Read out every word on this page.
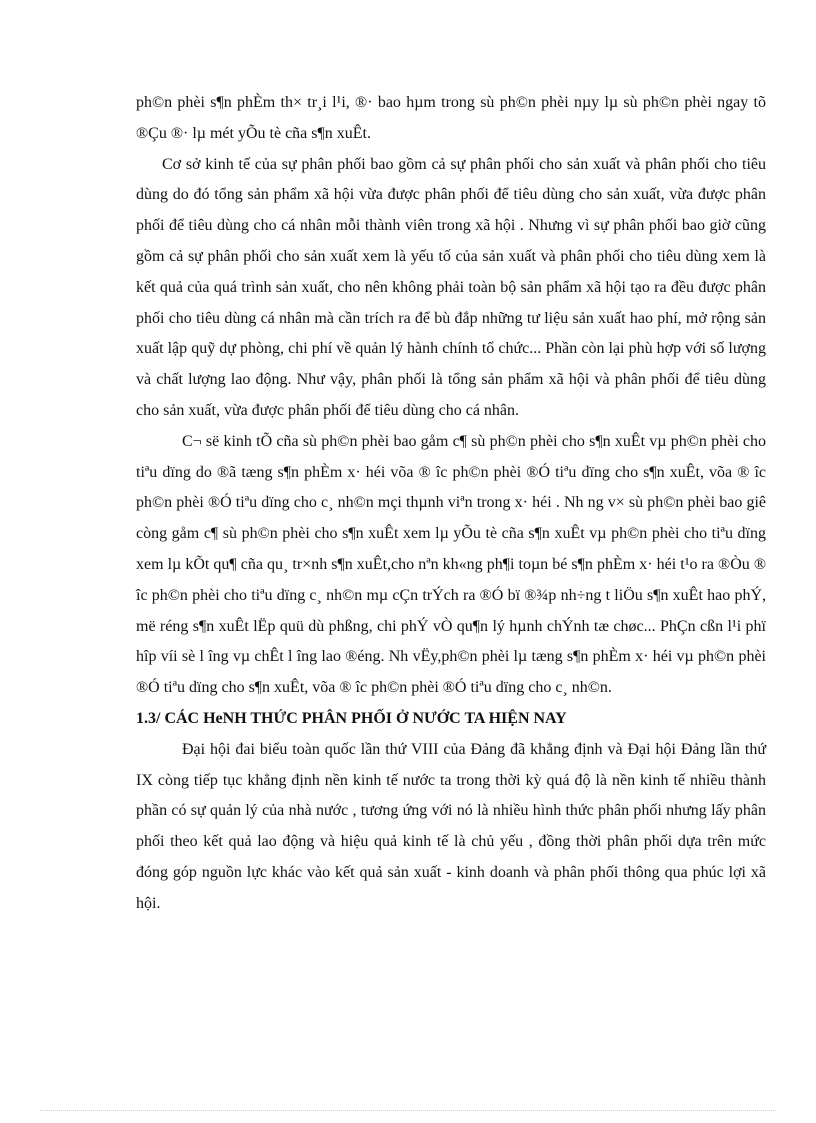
ph©n phèi s¶n phÈm th× tr¸i l¹i, ®· bao hµm trong sù ph©n phèi nµy lµ sù ph©n phèi ngay tõ ®Çu ®· lµ mét yÕu tè cña s¶n xuÊt.

Cơ sở kinh tế của sự phân phối bao gồm cả sự phân phối cho sản xuất và phân phối cho tiêu dùng do đó tổng sản phẩm xã hội vừa được phân phối để tiêu dùng cho sản xuất, vừa được phân phối để tiêu dùng cho cá nhân mỗi thành viên trong xã hội . Nhưng vì sự phân phối bao giờ cũng gồm cả sự phân phối cho sản xuất xem là yếu tố của sản xuất và phân phối cho tiêu dùng xem là kết quả của quá trình sản xuất, cho nên không phải toàn bộ sản phẩm xã hội tạo ra đều được phân phối cho tiêu dùng cá nhân mà cần trích ra để bù đắp những tư liệu sản xuất hao phí, mở rộng sản xuất lập quỹ dự phòng, chi phí về quản lý hành chính tổ chức... Phần còn lại phù hợp với số lượng và chất lượng lao động. Như vậy, phân phối là tổng sản phẩm xã hội và phân phối để tiêu dùng cho sản xuất, vừa được phân phối để tiêu dùng cho cá nhân.

C¬ së kinh tÕ cña sù ph©n phèi bao gåm c¶ sù ph©n phèi cho s¶n xuÊt vµ ph©n phèi cho tiªu dïng do ®ã tæng s¶n phÈm x· héi võa ® îc ph©n phèi ®Ó tiªu dïng cho s¶n xuÊt, võa ® îc ph©n phèi ®Ó tiªu dïng cho c¸ nh©n mçi thµnh viªn trong x· héi . Nh ng v× sù ph©n phèi bao giê còng gåm c¶ sù ph©n phèi cho s¶n xuÊt xem lµ yÕu tè cña s¶n xuÊt vµ ph©n phèi cho tiªu dïng xem lµ kÕt qu¶ cña qu¸ tr×nh s¶n xuÊt,cho nªn kh«ng ph¶i toµn bé s¶n phÈm x· héi t¹o ra ®Òu ® îc ph©n phèi cho tiªu dïng c¸ nh©n mµ cÇn trÝch ra ®Ó bï ®¾p nh÷ng t liÖu s¶n xuÊt hao phÝ, më réng s¶n xuÊt lËp quü dù phßng, chi phÝ vÒ qu¶n lý hµnh chÝnh tæ chøc... PhÇn cßn l¹i phï hîp víi sè l îng vµ chÊt l îng lao ®éng. Nh vËy,ph©n phèi lµ tæng s¶n phÈm x· héi vµ ph©n phèi ®Ó tiªu dïng cho s¶n xuÊt, võa ® îc ph©n phèi ®Ó tiªu dïng cho c¸ nh©n.

1.3/ CÁC HeNH THỨC PHÂN PHỐI Ở NƯỚC TA HIỆN NAY

Đại hội đai biểu toàn quốc lần thứ VIII của Đảng đã khẳng định và Đại hội Đảng lần thứ IX còng tiếp tục khẳng định nền kinh tế nước ta trong thời kỳ quá độ là nền kinh tế nhiều thành phần có sự quản lý của nhà nước , tương ứng với nó là nhiều hình thức phân phối nhưng lấy phân phối theo kết quả lao động và hiệu quả kinh tế là chủ yếu , đồng thời phân phối dựa trên mức đóng góp nguồn lực khác vào kết quả sản xuất - kinh doanh và phân phối thông qua phúc lợi xã hội.
